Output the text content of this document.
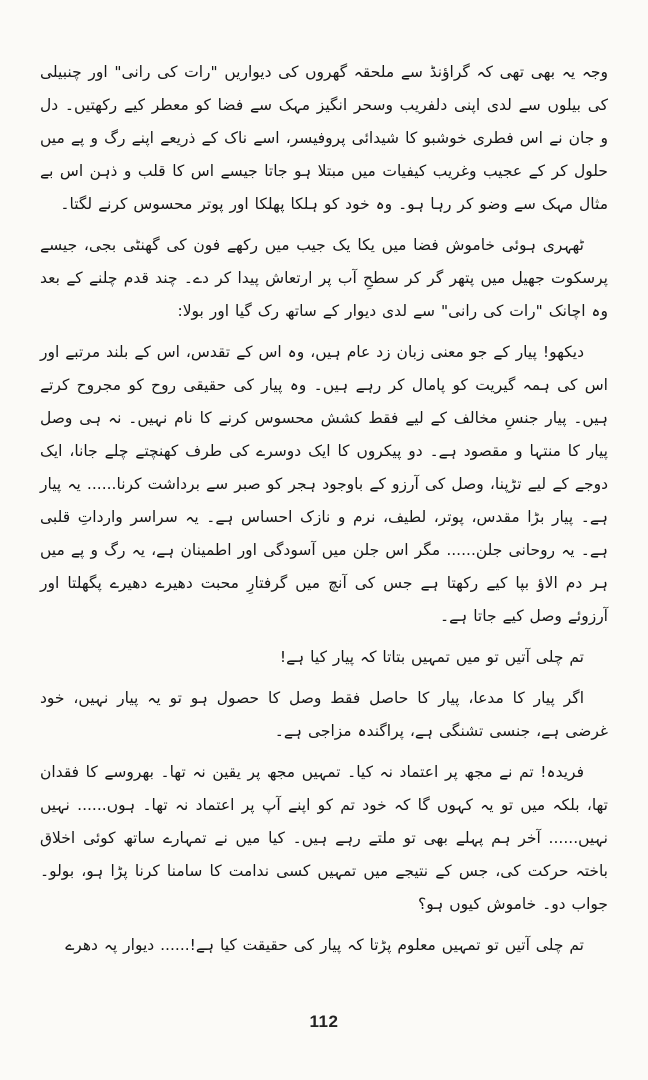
وجہ یہ بھی تھی کہ گراؤنڈ سے ملحقہ گھروں کی دیواریں "رات کی رانی" اور چنبیلی کی بیلوں سے لدی اپنی دلفریب وسحر انگیز مہک سے فضا کو معطر کیے رکھتیں۔ دل و جان نے اس فطری خوشبو کا شیدائی پروفیسر، اسے ناک کے ذریعے اپنے رگ و پے میں حلول کر کے عجیب وغریب کیفیات میں مبتلا ہو جاتا جیسے اس کا قلب و ذہن اس بے مثال مہک سے وضو کر رہا ہو۔ وہ خود کو ہلکا پھلکا اور پوتر محسوس کرنے لگتا۔

ٹھہری ہوئی خاموش فضا میں یکا یک جیب میں رکھے فون کی گھنٹی بجی، جیسے پرسکوت جھیل میں پتھر گر کر سطحِ آب پر ارتعاش پیدا کر دے۔ چند قدم چلنے کے بعد وہ اچانک "رات کی رانی" سے لدی دیوار کے ساتھ رک گیا اور بولا:

دیکھو! پیار کے جو معنی زبان زد عام ہیں، وہ اس کے تقدس، اس کے بلند مرتبے اور اس کی ہمہ گیریت کو پامال کر رہے ہیں۔ وہ پیار کی حقیقی روح کو مجروح کرتے ہیں۔ پیار جنسِ مخالف کے لیے فقط کشش محسوس کرنے کا نام نہیں۔ نہ ہی وصل پیار کا منتہا و مقصود ہے۔ دو پیکروں کا ایک دوسرے کی طرف کھنچتے چلے جانا، ایک دوجے کے لیے تڑپنا، وصل کی آرزو کے باوجود ہجر کو صبر سے برداشت کرنا...... یہ پیار ہے۔ پیار بڑا مقدس، پوتر، لطیف، نرم و نازک احساس ہے۔ یہ سراسر وارداتِ قلبی ہے۔ یہ روحانی جلن...... مگر اس جلن میں آسودگی اور اطمینان ہے، یہ رگ و پے میں ہر دم الاؤ بپا کیے رکھتا ہے جس کی آنچ میں گرفتارِ محبت دھیرے دھیرے پگھلتا اور آرزوئے وصل کیے جاتا ہے۔

تم چلی آتیں تو میں تمہیں بتاتا کہ پیار کیا ہے!

اگر پیار کا مدعا، پیار کا حاصل فقط وصل کا حصول ہو تو یہ پیار نہیں، خود غرضی ہے، جنسی تشنگی ہے، پراگندہ مزاجی ہے۔

فریدہ! تم نے مجھ پر اعتماد نہ کیا۔ تمہیں مجھ پر یقین نہ تھا۔ بھروسے کا فقدان تھا، بلکہ میں تو یہ کہوں گا کہ خود تم کو اپنے آپ پر اعتماد نہ تھا۔ ہوں...... نہیں نہیں...... آخر ہم پہلے بھی تو ملتے رہے ہیں۔ کیا میں نے تمہارے ساتھ کوئی اخلاق باختہ حرکت کی، جس کے نتیجے میں تمہیں کسی ندامت کا سامنا کرنا پڑا ہو، بولو۔ جواب دو۔ خاموش کیوں ہو؟

تم چلی آتیں تو تمہیں معلوم پڑتا کہ پیار کی حقیقت کیا ہے!...... دیوار پہ دھرے

112
